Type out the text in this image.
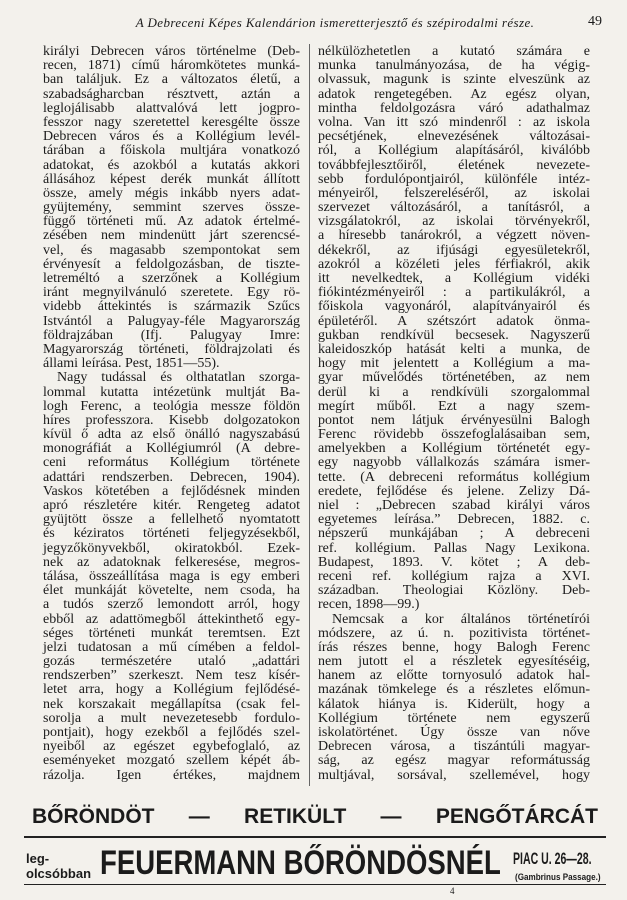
A Debreceni Képes Kalendárion ismeretterjesztő és szépirodalmi része.	49
királyi Debrecen város történelme (Deb-
recen, 1871) című háromkötetes munká-
ban találjuk. Ez a változatos életű, a
szabadságharcban résztvett, aztán a
leglojálisabb alattvalóvá lett jogpro-
fesszor nagy szeretettel keresgélte össze
Debrecen város és a Kollégium levél-
tárában a főiskola multjára vonatkozó
adatokat, és azokból a kutatás akkori
állásához képest derék munkát állított
össze, amely mégis inkább nyers adat-
gyüjtemény, semmint szerves össze-
függő történeti mű. Az adatok értelmé-
zésében nem mindenütt járt szerencsé-
vel, és magasabb szempontokat sem
érvényesít a feldolgozásban, de tiszte-
letreméltó a szerzőnek a Kollégium
iránt megnyilvánuló szeretete. Egy rö-
videbb áttekintés is származik Szűcs
Istvántól a Palugyay-féle Magyarország
földrajzában (Ifj. Palugyay Imre:
Magyarország történeti, földrajzolati és
állami leírása. Pest, 1851—55).
Nagy tudással és olthatatlan szorga-
lommal kutatta intézetünk multját Ba-
logh Ferenc, a teológia messze földön
híres professzora. Kisebb dolgozatokon
kívül ő adta az első önálló nagyszabású
monográfiát a Kollégiumról (A debre-
ceni református Kollégium története
adattári rendszerben. Debrecen, 1904).
Vaskos kötetében a fejlődésnek minden
apró részletére kitér. Rengeteg adatot
gyüjtött össze a fellelhető nyomtatott
és kéziratos történeti feljegyzésekből,
jegyzőkönyvekből, okiratokból. Ezek-
nek az adatoknak felkeresése, megros-
tálása, összeállítása maga is egy emberi
élet munkáját követelte, nem csoda, ha
a tudós szerző lemondott arról, hogy
ebből az adattömegből áttekinthető egy-
séges történeti munkát teremtsen. Ezt
jelzi tudatosan a mű címében a feldol-
gozás természetére utaló „adattári
rendszerben” szerkeszt. Nem tesz kísér-
letet arra, hogy a Kollégium fejlődésé-
nek korszakait megállapítsa (csak fel-
sorolja a mult nevezetesebb fordulo-
pontjait), hogy ezekből a fejlődés szel-
nyeiből az egészet egybefoglaló, az
eseményeket mozgató szellem képét áb-
rázolja. Igen értékes, majdnem
nélkülözhetetlen a kutató számára e
munka tanulmányozása, de ha végig-
olvassuk, magunk is szinte elveszünk az
adatok rengetegében. Az egész olyan,
mintha feldolgozásra váró adathalmaz
volna. Van itt szó mindenről : az iskola
pecsétjének, elnevezésének változásai-
ról, a Kollégium alapításáról, kiválóbb
továbbfejlesztőiről, életének nevezete-
sebb fordulópontjairól, különféle intéz-
ményeiről, felszereléséről, az iskolai
szervezet változásáról, a tanításról, a
vizsgálatokról, az iskolai törvényekről,
a híresebb tanárokról, a végzett növen-
dékekről, az ifjúsági egyesületekről,
azokról a közéleti jeles férfiakról, akik
itt nevelkedtek, a Kollégium vidéki
fiókintézményeiről : a partikulákról, a
főiskola vagyonáról, alapítványairól és
épületéről. A szétszórt adatok önma-
gukban rendkívül becsesek. Nagyszerű
kaleidoszkóp hatását kelti a munka, de
hogy mit jelentett a Kollégium a ma-
gyar művelődés történetében, az nem
derül ki a rendkívüli szorgalommal
megírt műből. Ezt a nagy szem-
pontot nem látjuk érvényesülni Balogh
Ferenc rövidebb összefoglalásaiban sem,
amelyekben a Kollégium történetét egy-
egy nagyobb vállalkozás számára ismer-
tette. (A debreceni református kollégium
eredete, fejlődése és jelene. Zelizy Dá-
niel : „Debrecen szabad királyi város
egyetemes leírása.” Debrecen, 1882. c.
népszerű munkájában ; A debreceni
ref. kollégium. Pallas Nagy Lexikona.
Budapest, 1893. V. kötet ; A deb-
receni ref. kollégium rajza a XVI.
században. Theologiai Közlöny. Deb-
recen, 1898—99.)
Nemcsak a kor általános történetírói
módszere, az ú. n. pozitivista történet-
írás részes benne, hogy Balogh Ferenc
nem jutott el a részletek egyesítéséig,
hanem az előtte tornyosuló adatok hal-
mazának tömkelege és a részletes előmun-
kálatok hiánya is. Kiderült, hogy a
Kollégium története nem egyszerű
iskolatörténet. Úgy össze van nőve
Debrecen városa, a tiszántúli magyar-
ság, az egész magyar reformátusság
multjával, sorsával, szellemével, hogy
BŐRÖNDÖT — RETIKÜLT — PENGŐTÁRCÁT
leg-
olcsóbban FEUERMANN BŐRÖNDÖSNÉL PIAC U. 26—28.
(Gambrinus Passage.)
4
